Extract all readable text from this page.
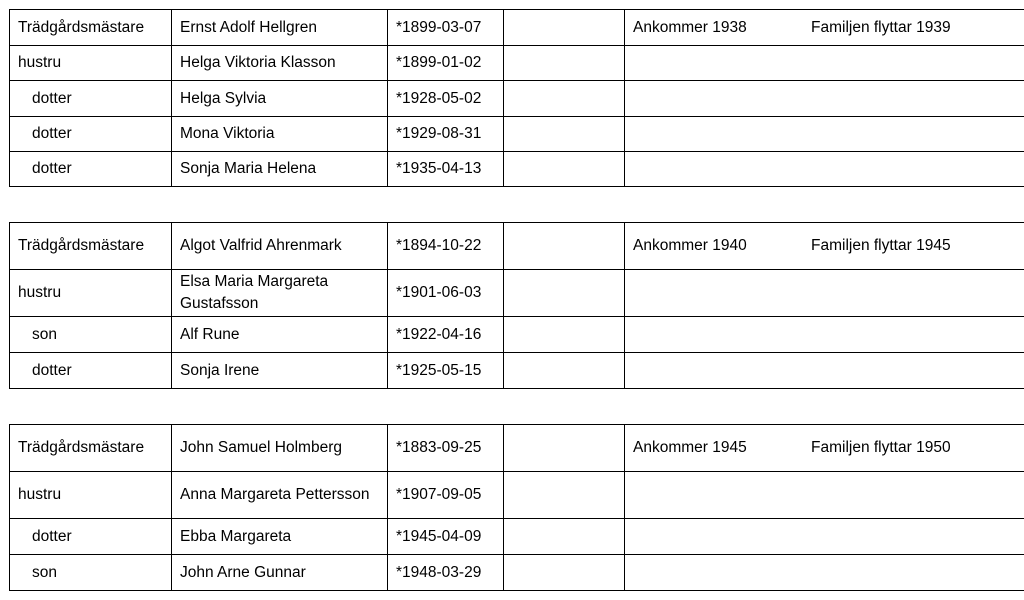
Trädgårdsmästare	Ernst Adolf Hellgren	*1899-03-07		Ankommer 1938 Familjen flyttar 1939
hustru	Helga Viktoria Klasson	*1899-01-02		
dotter	Helga Sylvia	*1928-05-02		
dotter	Mona Viktoria	*1929-08-31		
dotter	Sonja Maria Helena	*1935-04-13		
Trädgårdsmästare	Algot Valfrid Ahrenmark	*1894-10-22		Ankommer 1940 Familjen flyttar 1945
hustru	Elsa Maria Margareta Gustafsson	*1901-06-03		
son	Alf Rune	*1922-04-16		
dotter	Sonja Irene	*1925-05-15		
Trädgårdsmästare	John Samuel Holmberg	*1883-09-25		Ankommer 1945 Familjen flyttar 1950
hustru	Anna Margareta Pettersson	*1907-09-05		
dotter	Ebba Margareta	*1945-04-09		
son	John Arne Gunnar	*1948-03-29		
